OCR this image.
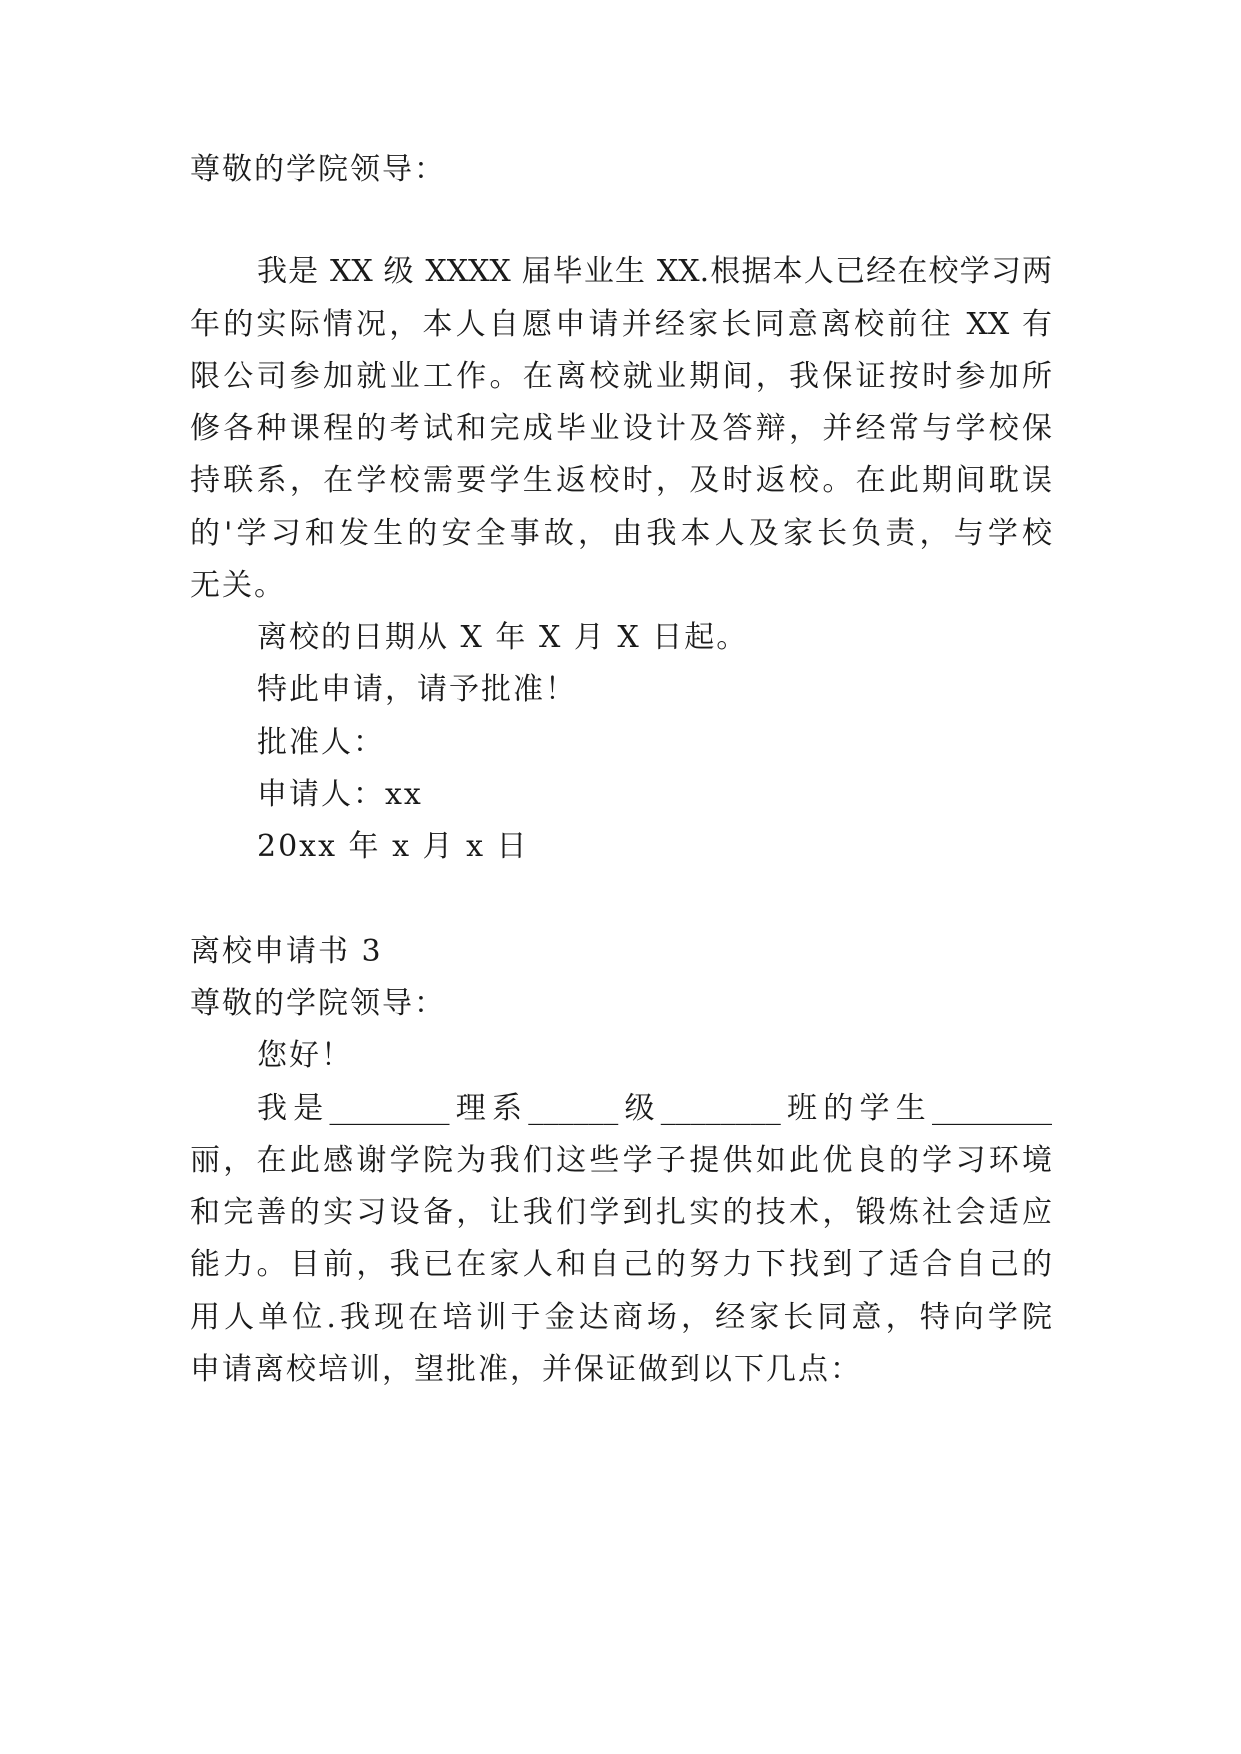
尊敬的学院领导：
我是 XX 级 XXXX 届毕业生 XX.根据本人已经在校学习两
年的实际情况，本人自愿申请并经家长同意离校前往 XX 有
限公司参加就业工作。在离校就业期间，我保证按时参加所
修各种课程的考试和完成毕业设计及答辩，并经常与学校保
持联系，在学校需要学生返校时，及时返校。在此期间耽误
的'学习和发生的安全事故，由我本人及家长负责，与学校
无关。
离校的日期从 X 年 X 月 X 日起。
特此申请，请予批准！
批准人：
申请人：xx
20xx 年 x 月 x 日
离校申请书 3
尊敬的学院领导：
您好！
我是________理系______级________班的学生________
丽，在此感谢学院为我们这些学子提供如此优良的学习环境
和完善的实习设备，让我们学到扎实的技术，锻炼社会适应
能力。目前，我已在家人和自己的努力下找到了适合自己的
用人单位.我现在培训于金达商场，经家长同意，特向学院
申请离校培训，望批准，并保证做到以下几点：
